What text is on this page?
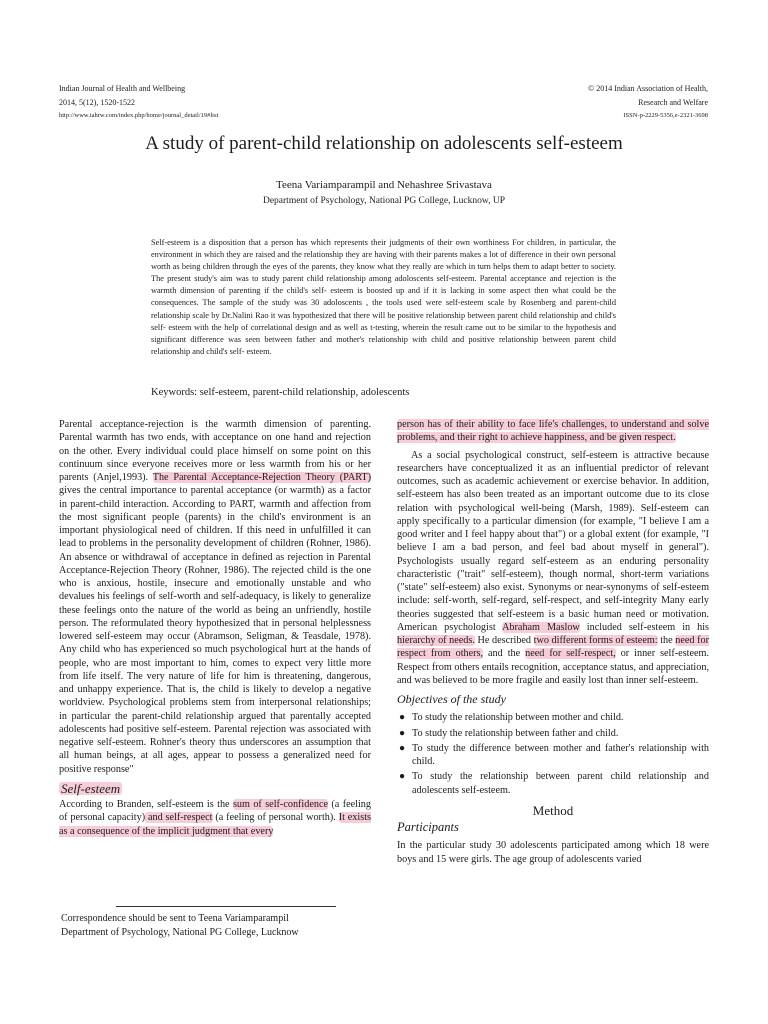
Indian Journal of Health and Wellbeing
2014, 5(12), 1520-1522
http://www.iahrw.com/index.php/home/journal_detail/19#list
© 2014 Indian Association of Health,
Research and Welfare
ISSN-p-2229-5356,e-2321-3698
A study of parent-child relationship on adolescents self-esteem
Teena Variamparampil and Nehashree Srivastava
Department of Psychology, National PG College, Lucknow, UP

Self-esteem is a disposition that a person has which represents their judgments of their own worthiness For children, in particular, the environment in which they are raised and the relationship they are having with their parents makes a lot of difference in their own personal worth as being children through the eyes of the parents, they know what they really are which in turn helps them to adapt better to society. The present study's aim was to study parent child relationship among adoloscents self-esteem. Parental acceptance and rejection is the warmth dimension of parenting if the child's self- esteem is boosted up and if it is lacking in some aspect then what could be the consequences. The sample of the study was 30 adoloscents , the tools used were self-esteem scale by Rosenberg and parent-child relationship scale by Dr.Nalini Rao it was hypothesized that there will be positive relationship between parent child relationship and child's self- esteem with the help of correlational design and as well as t-testing, wherein the result came out to be similar to the hypothesis and significant difference was seen between father and mother's relationship with child and positive relationship between parent child relationship and child's self- esteem.

Keywords: self-esteem, parent-child relationship, adolescents

Parental acceptance-rejection is the warmth dimension of parenting. Parental warmth has two ends, with acceptance on one hand and rejection on the other. Every individual could place himself on some point on this continuum since everyone receives more or less warmth from his or her parents (Anjel,1993). The Parental Acceptance-Rejection Theory (PART) gives the central importance to parental acceptance (or warmth) as a factor in parent-child interaction. According to PART, warmth and affection from the most significant people (parents) in the child's environment is an important physiological need of children. If this need in unfulfilled it can lead to problems in the personality development of children (Rohner, 1986). An absence or withdrawal of acceptance in defined as rejection in Parental Acceptance-Rejection Theory (Rohner, 1986). The rejected child is the one who is anxious, hostile, insecure and emotionally unstable and who devalues his feelings of self-worth and self-adequacy, is likely to generalize these feelings onto the nature of the world as being an unfriendly, hostile person. The reformulated theory hypothesized that in personal helplessness lowered self-esteem may occur (Abramson, Seligman, & Teasdale, 1978). Any child who has experienced so much psychological hurt at the hands of people, who are most important to him, comes to expect very little more from life itself. The very nature of life for him is threatening, dangerous, and unhappy experience. That is, the child is likely to develop a negative worldview. Psychological problems stem from interpersonal relationships; in particular the parent-child relationship argued that parentally accepted adolescents had positive self-esteem. Parental rejection was associated with negative self-esteem. Rohner's theory thus underscores an assumption that all human beings, at all ages, appear to possess a generalized need for positive response"

Self-esteem

According to Branden, self-esteem is the sum of self-confidence (a feeling of personal capacity) and self-respect (a feeling of personal worth). It exists as a consequence of the implicit judgment that every

Correspondence should be sent to Teena Variamparampil
Department of Psychology, National PG College, Lucknow

person has of their ability to face life's challenges, to understand and solve problems, and their right to achieve happiness, and be given respect.

As a social psychological construct, self-esteem is attractive because researchers have conceptualized it as an influential predictor of relevant outcomes, such as academic achievement or exercise behavior. In addition, self-esteem has also been treated as an important outcome due to its close relation with psychological well-being (Marsh, 1989). Self-esteem can apply specifically to a particular dimension (for example, "I believe I am a good writer and I feel happy about that") or a global extent (for example, "I believe I am a bad person, and feel bad about myself in general"). Psychologists usually regard self-esteem as an enduring personality characteristic ("trait" self-esteem), though normal, short-term variations ("state" self-esteem) also exist. Synonyms or near-synonyms of self-esteem include: self-worth, self-regard, self-respect, and self-integrity Many early theories suggested that self-esteem is a basic human need or motivation. American psychologist Abraham Maslow included self-esteem in his hierarchy of needs. He described two different forms of esteem: the need for respect from others, and the need for self-respect, or inner self-esteem. Respect from others entails recognition, acceptance status, and appreciation, and was believed to be more fragile and easily lost than inner self-esteem.

Objectives of the study
● To study the relationship between mother and child.
● To study the relationship between father and child.
● To study the difference between mother and father's relationship with child.
● To study the relationship between parent child relationship and adolescents self-esteem.
Method
Participants

In the particular study 30 adolescents participated among which 18 were boys and 15 were girls. The age group of adolescents varied
